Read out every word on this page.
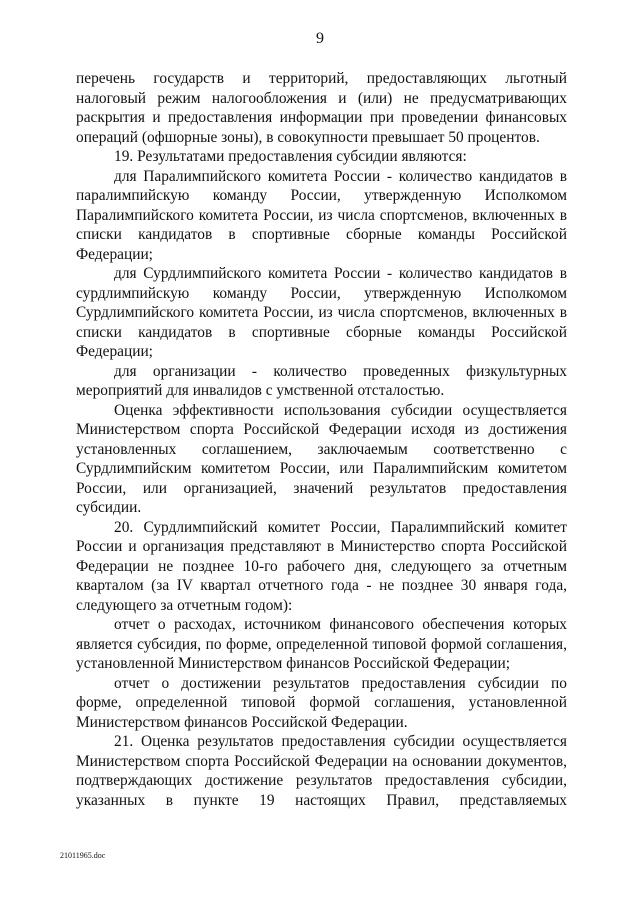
9

перечень государств и территорий, предоставляющих льготный налоговый режим налогообложения и (или) не предусматривающих раскрытия и предоставления информации при проведении финансовых операций (офшорные зоны), в совокупности превышает 50 процентов.

19. Результатами предоставления субсидии являются:

для Паралимпийского комитета России - количество кандидатов в паралимпийскую команду России, утвержденную Исполкомом Паралимпийского комитета России, из числа спортсменов, включенных в списки кандидатов в спортивные сборные команды Российской Федерации;

для Сурдлимпийского комитета России - количество кандидатов в сурдлимпийскую команду России, утвержденную Исполкомом Сурдлимпийского комитета России, из числа спортсменов, включенных в списки кандидатов в спортивные сборные команды Российской Федерации;

для организации - количество проведенных физкультурных мероприятий для инвалидов с умственной отсталостью.

Оценка эффективности использования субсидии осуществляется Министерством спорта Российской Федерации исходя из достижения установленных соглашением, заключаемым соответственно с Сурдлимпийским комитетом России, или Паралимпийским комитетом России, или организацией, значений результатов предоставления субсидии.

20. Сурдлимпийский комитет России, Паралимпийский комитет России и организация представляют в Министерство спорта Российской Федерации не позднее 10-го рабочего дня, следующего за отчетным кварталом (за IV квартал отчетного года - не позднее 30 января года, следующего за отчетным годом):

отчет о расходах, источником финансового обеспечения которых является субсидия, по форме, определенной типовой формой соглашения, установленной Министерством финансов Российской Федерации;

отчет о достижении результатов предоставления субсидии по форме, определенной типовой формой соглашения, установленной Министерством финансов Российской Федерации.

21. Оценка результатов предоставления субсидии осуществляется Министерством спорта Российской Федерации на основании документов, подтверждающих достижение результатов предоставления субсидии, указанных в пункте 19 настоящих Правил, представляемых

21011965.doc
